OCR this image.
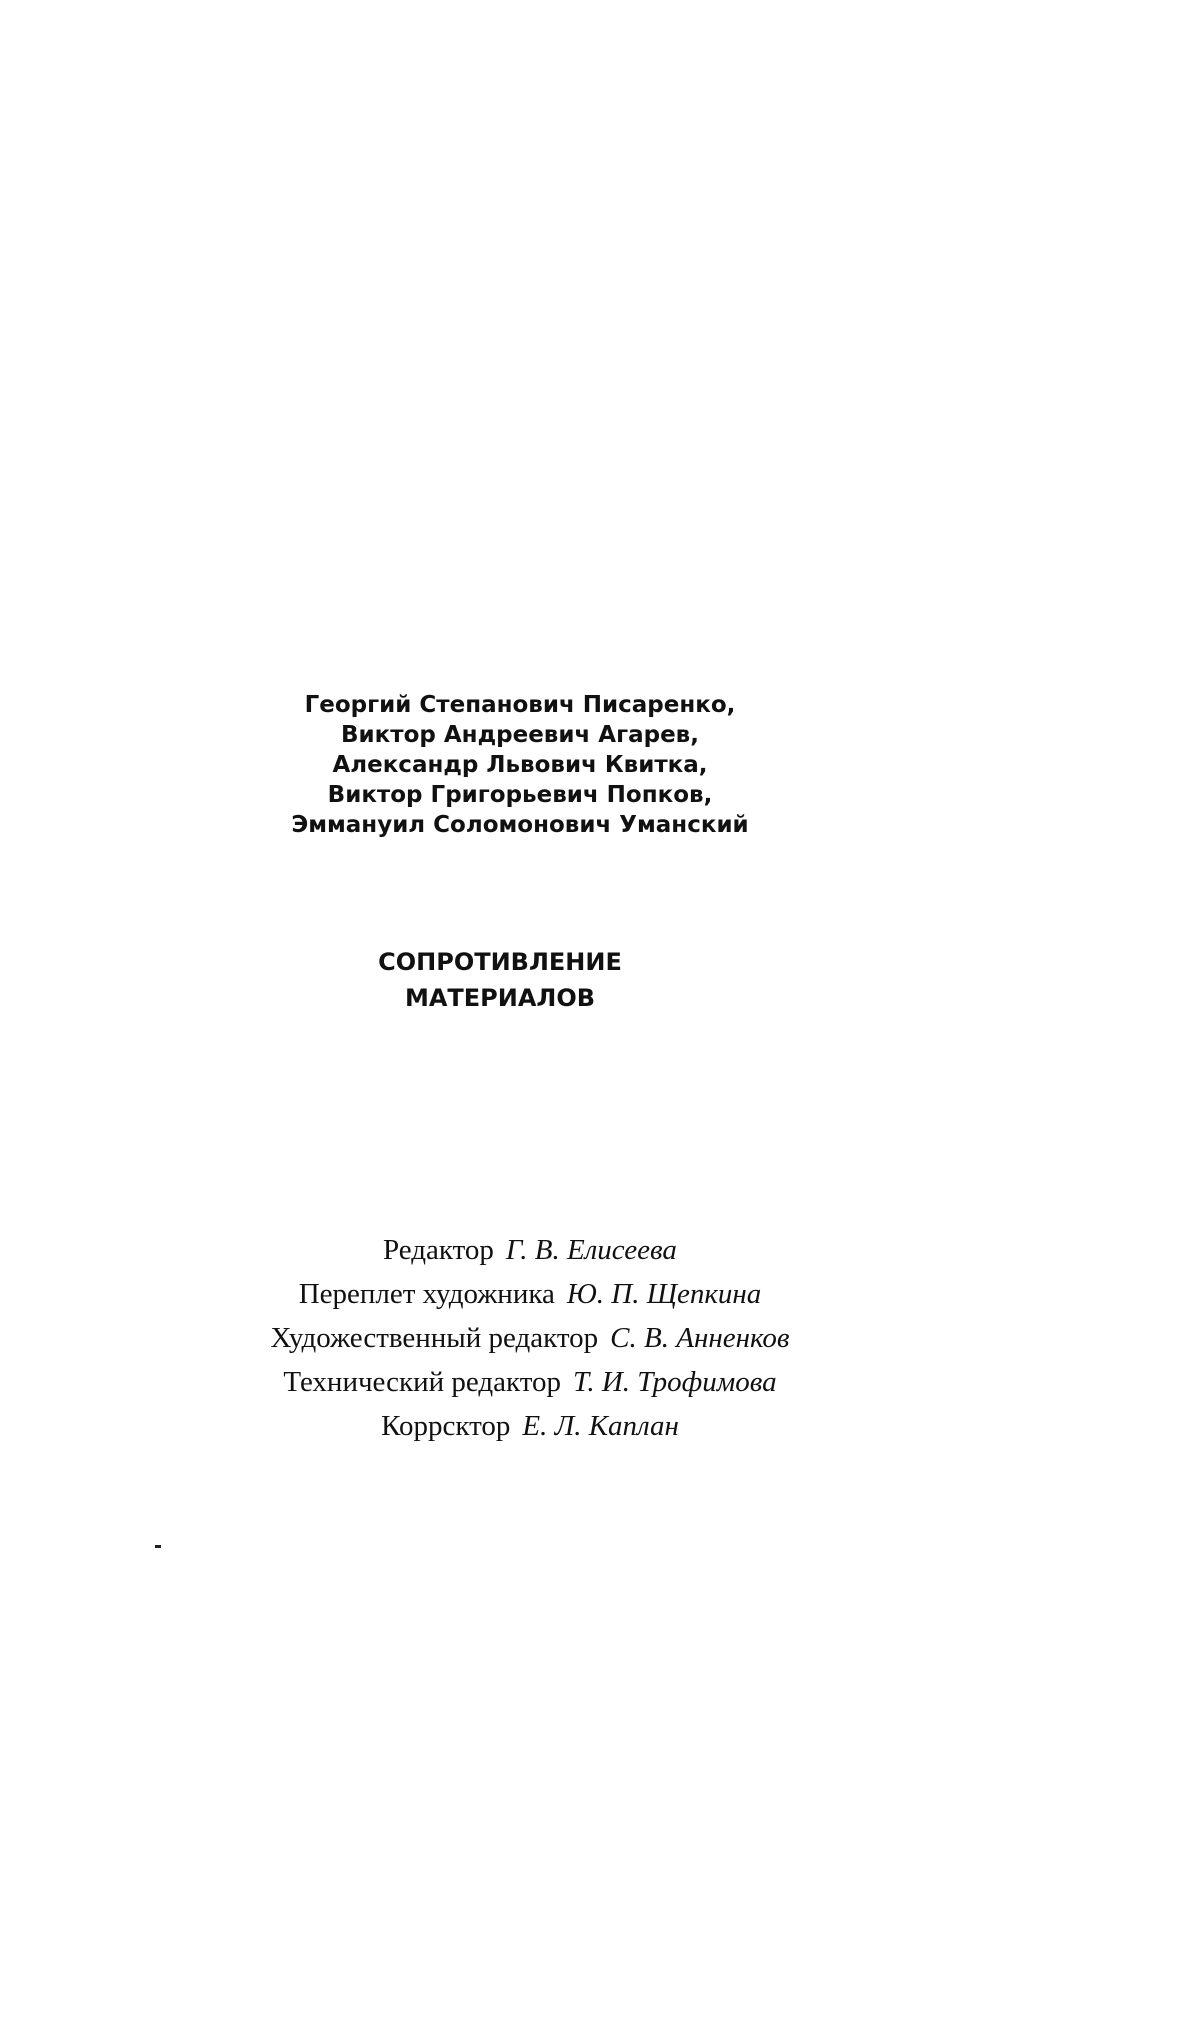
Георгий Степанович Писаренко,
Виктор Андреевич Агарев,
Александр Львович Квитка,
Виктор Григорьевич Попков,
Эммануил Соломонович Уманский
СОПРОТИВЛЕНИЕ
МАТЕРИАЛОВ
Редактор Г. В. Елисеева
Переплет художника Ю. П. Щепкина
Художественный редактор С. В. Анненков
Технический редактор Т. И. Трофимова
Коррсктор Е. Л. Каплан
